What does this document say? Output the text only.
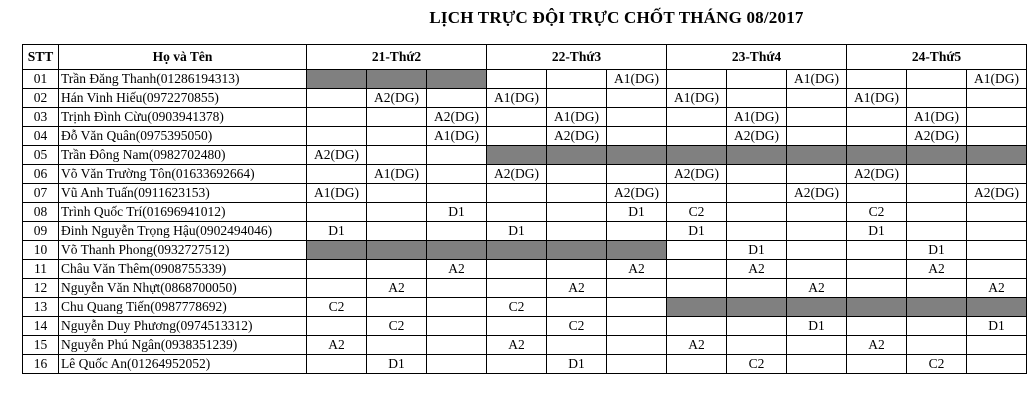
LỊCH TRỰC ĐỘI TRỰC CHỐT THÁNG 08/2017
STT	Họ và Tên	21-Thứ2			22-Thứ3			23-Thứ4			24-Thứ5		
01	Trần Đăng Thanh(01286194313)						A1(DG)			A1(DG)			A1(DG)
02	Hán Vinh Hiếu(0972270855)		A2(DG)		A1(DG)			A1(DG)			A1(DG)		
03	Trịnh Đình Cừu(0903941378)			A2(DG)		A1(DG)			A1(DG)			A1(DG)	
04	Đỗ Văn Quân(0975395050)			A1(DG)		A2(DG)			A2(DG)			A2(DG)	
05	Trần Đông Nam(0982702480)	A2(DG)											
06	Võ Văn Trường Tôn(01633692664)		A1(DG)		A2(DG)			A2(DG)			A2(DG)		
07	Vũ Anh Tuấn(0911623153)	A1(DG)					A2(DG)			A2(DG)			A2(DG)
08	Trình Quốc Trí(01696941012)			D1			D1	C2			C2		
09	Đinh Nguyễn Trọng Hậu(0902494046)	D1			D1			D1			D1		
10	Võ Thanh Phong(0932727512)								D1			D1	
11	Châu Văn Thêm(0908755339)			A2			A2		A2			A2	
12	Nguyễn Văn Nhựt(0868700050)		A2			A2				A2			A2
13	Chu Quang Tiến(0987778692)	C2			C2								
14	Nguyễn Duy Phương(0974513312)		C2			C2				D1			D1
15	Nguyễn Phú Ngân(0938351239)	A2			A2			A2			A2		
16	Lê Quốc An(01264952052)		D1			D1			C2			C2	
